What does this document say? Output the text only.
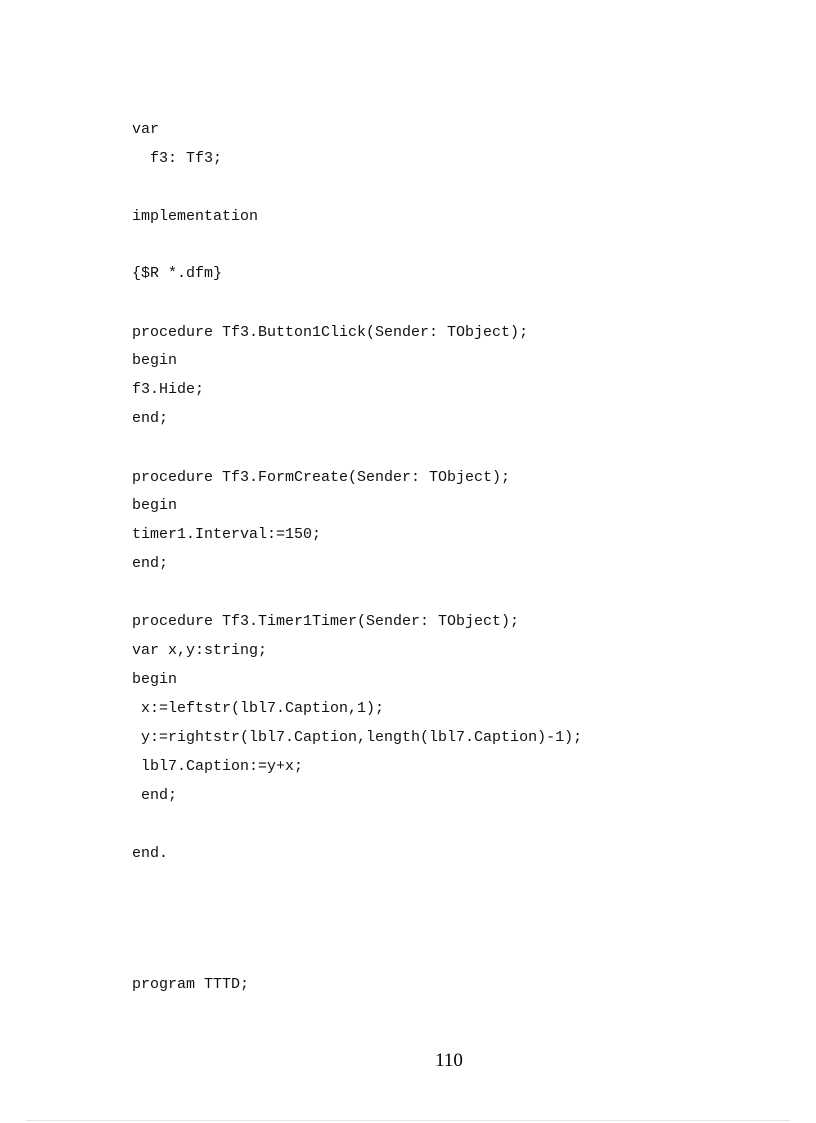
var
f3: Tf3;
implementation
{$R *.dfm}
procedure Tf3.Button1Click(Sender: TObject);
begin
f3.Hide;
end;
procedure Tf3.FormCreate(Sender: TObject);
begin
timer1.Interval:=150;
end;
procedure Tf3.Timer1Timer(Sender: TObject);
var x,y:string;
begin
x:=leftstr(lbl7.Caption,1);
y:=rightstr(lbl7.Caption,length(lbl7.Caption)-1);
lbl7.Caption:=y+x;
end;
end.
program TTTD;
110
